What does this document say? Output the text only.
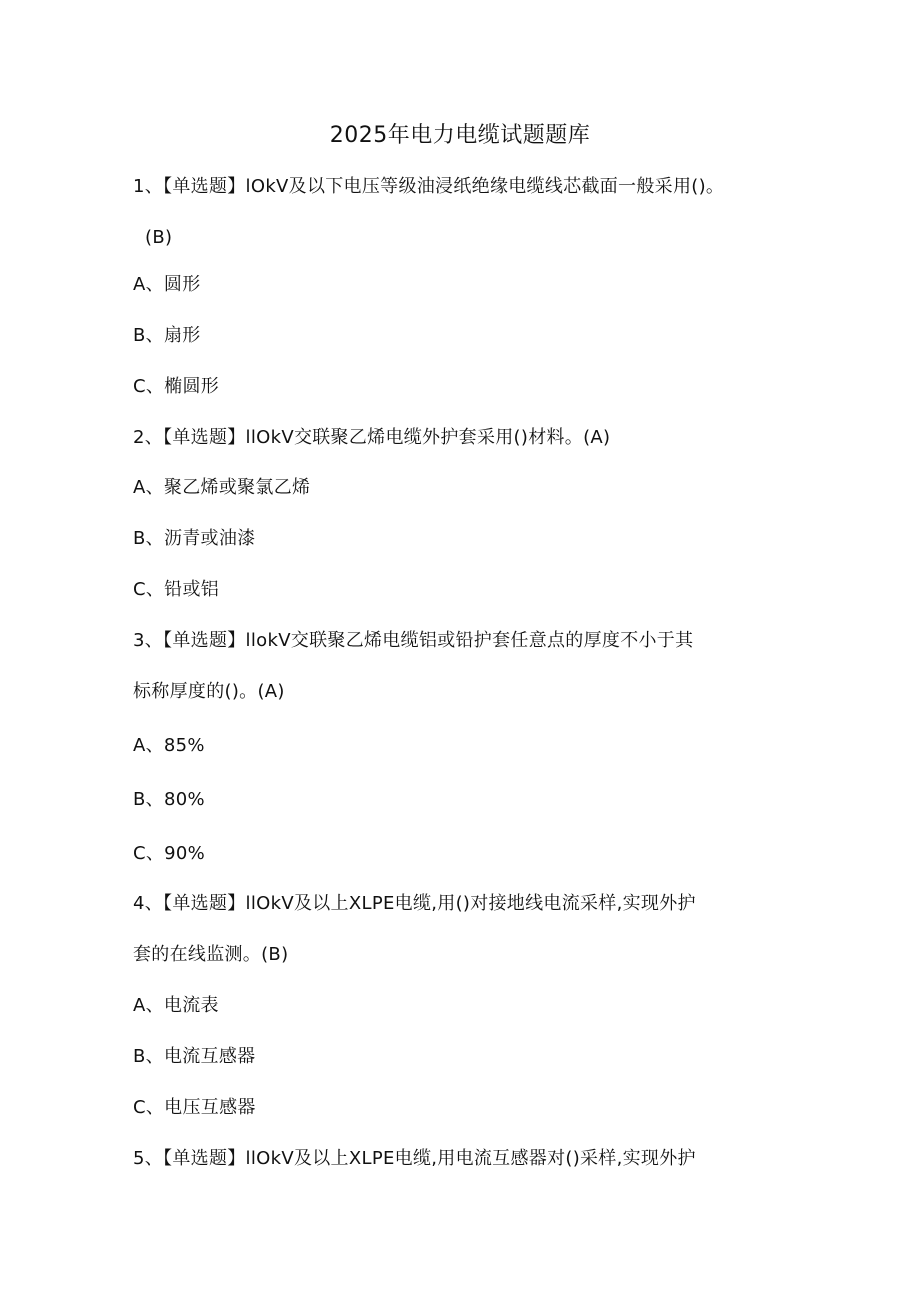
2025年电力电缆试题题库
1、【单选题】lOkV及以下电压等级油浸纸绝缘电缆线芯截面一般采用()。
(B)
A、圆形
B、扇形
C、椭圆形
2、【单选题】llOkV交联聚乙烯电缆外护套采用()材料。(A)
A、聚乙烯或聚氯乙烯
B、沥青或油漆
C、铅或铝
3、【单选题】llokV交联聚乙烯电缆铝或铅护套任意点的厚度不小于其
标称厚度的()。(A)
A、85%
B、80%
C、90%
4、【单选题】llOkV及以上XLPE电缆,用()对接地线电流采样,实现外护
套的在线监测。(B)
A、电流表
B、电流互感器
C、电压互感器
5、【单选题】llOkV及以上XLPE电缆,用电流互感器对()采样,实现外护
